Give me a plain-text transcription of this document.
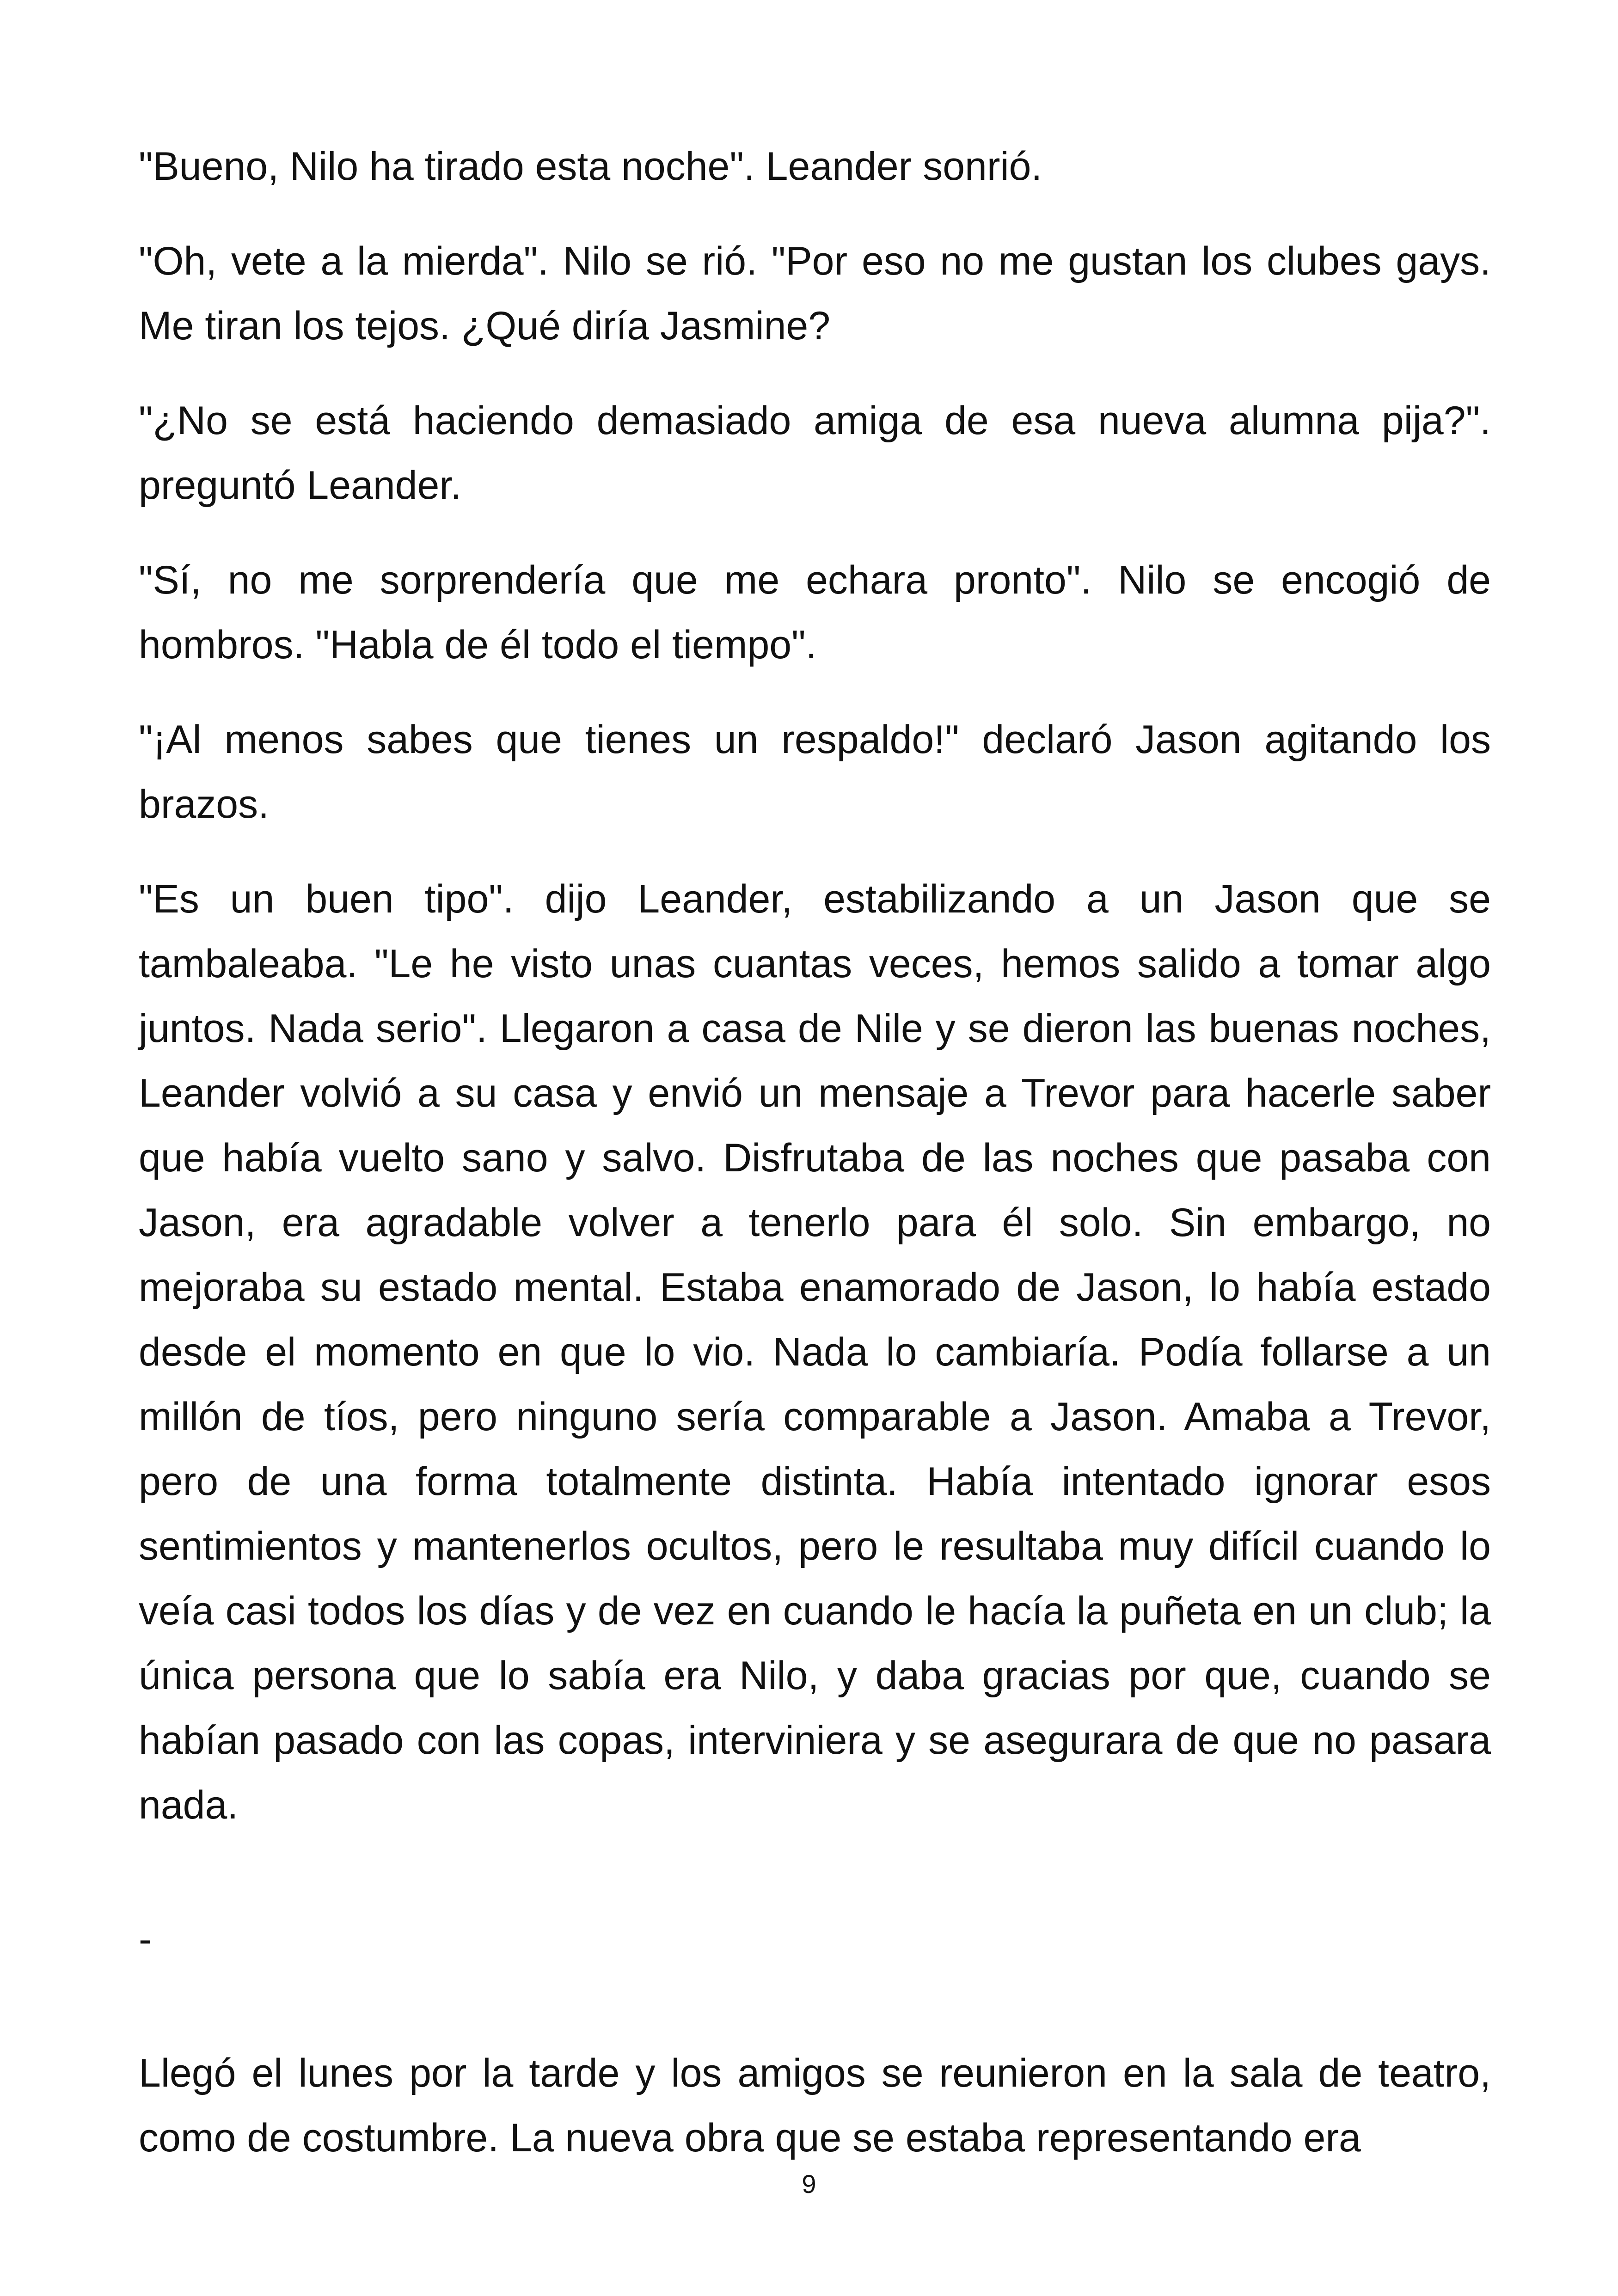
"Bueno, Nilo ha tirado esta noche". Leander sonrió.

"Oh, vete a la mierda". Nilo se rió. "Por eso no me gustan los clubes gays. Me tiran los tejos. ¿Qué diría Jasmine?

"¿No se está haciendo demasiado amiga de esa nueva alumna pija?". preguntó Leander.

"Sí, no me sorprendería que me echara pronto". Nilo se encogió de hombros. "Habla de él todo el tiempo".

"¡Al menos sabes que tienes un respaldo!" declaró Jason agitando los brazos.

"Es un buen tipo". dijo Leander, estabilizando a un Jason que se tambaleaba. "Le he visto unas cuantas veces, hemos salido a tomar algo juntos. Nada serio". Llegaron a casa de Nile y se dieron las buenas noches, Leander volvió a su casa y envió un mensaje a Trevor para hacerle saber que había vuelto sano y salvo. Disfrutaba de las noches que pasaba con Jason, era agradable volver a tenerlo para él solo. Sin embargo, no mejoraba su estado mental. Estaba enamorado de Jason, lo había estado desde el momento en que lo vio. Nada lo cambiaría. Podía follarse a un millón de tíos, pero ninguno sería comparable a Jason. Amaba a Trevor, pero de una forma totalmente distinta. Había intentado ignorar esos sentimientos y mantenerlos ocultos, pero le resultaba muy difícil cuando lo veía casi todos los días y de vez en cuando le hacía la puñeta en un club; la única persona que lo sabía era Nilo, y daba gracias por que, cuando se habían pasado con las copas, interviniera y se asegurara de que no pasara nada.

-

Llegó el lunes por la tarde y los amigos se reunieron en la sala de teatro, como de costumbre. La nueva obra que se estaba representando era

9
